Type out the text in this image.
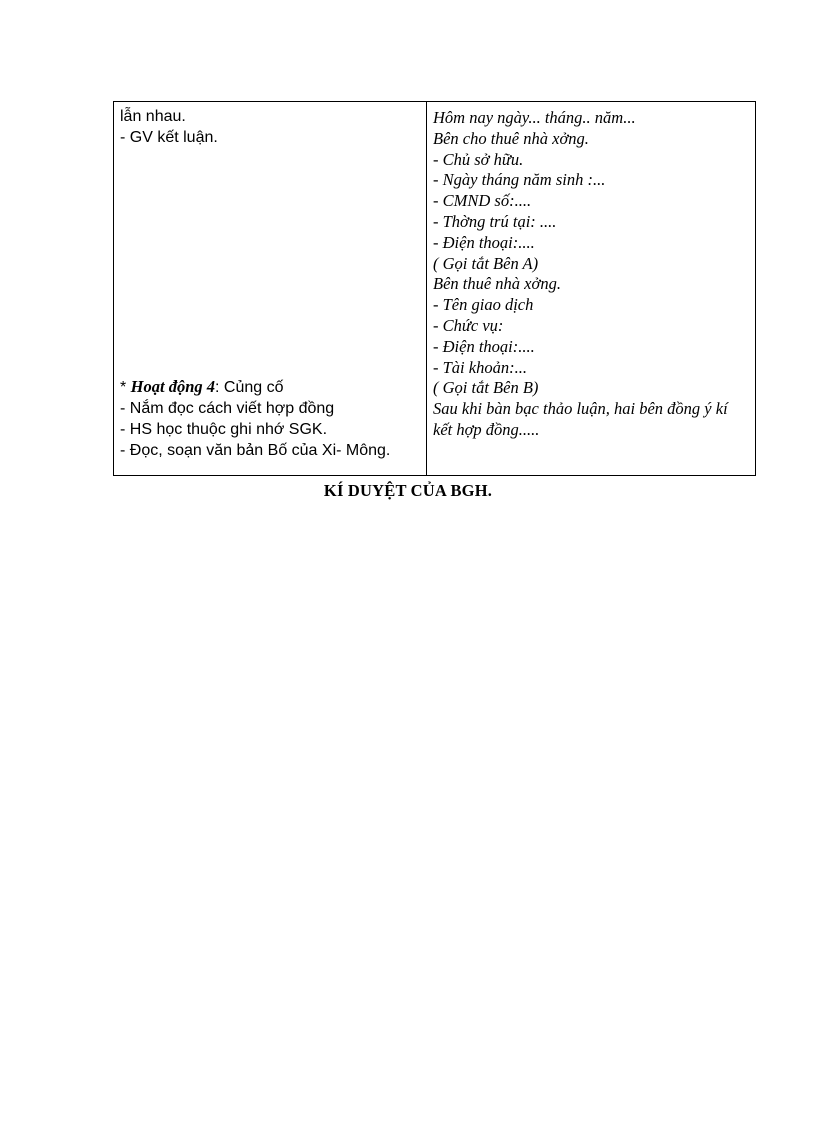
lẫn nhau.
- GV kết luận.
* Hoạt động 4: Củng cố
- Nắm đọc cách viết hợp đồng
- HS học thuộc ghi nhớ SGK.
- Đọc, soạn văn bản Bố của Xi- Mông.
Hôm nay ngày... tháng.. năm...
Bên cho thuê nhà xởng.
- Chủ sở hữu.
- Ngày tháng năm sinh :...
- CMND số:....
- Thờng trú tại: ....
- Điện thoại:....
( Gọi tắt Bên A)
Bên thuê nhà xởng.
- Tên giao dịch
- Chức vụ:
- Điện thoại:....
- Tài khoản:...
( Gọi tắt Bên B)
Sau khi bàn bạc thảo luận, hai bên đồng ý kí kết hợp đồng.....
KÍ DUYỆT CỦA BGH.
